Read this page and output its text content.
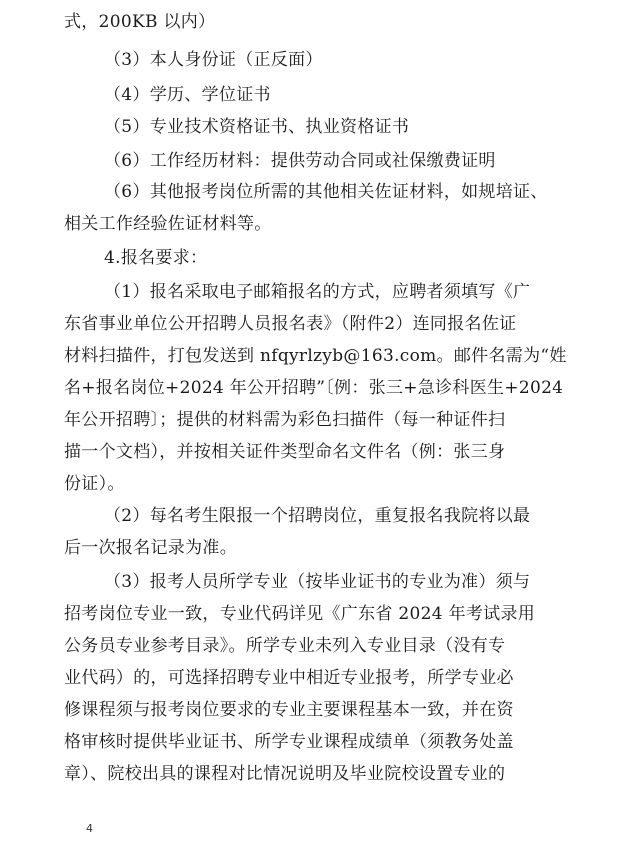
式，200KB 以内）
（3）本人身份证（正反面）
（4）学历、学位证书
（5）专业技术资格证书、执业资格证书
（6）工作经历材料：提供劳动合同或社保缴费证明
（6）其他报考岗位所需的其他相关佐证材料，如规培证、
相关工作经验佐证材料等。
4.报名要求：
（1）报名采取电子邮箱报名的方式，应聘者须填写《广
东省事业单位公开招聘人员报名表》（附件2）连同报名佐证
材料扫描件，打包发送到 nfqyrlzyb@163.com。邮件名需为“姓
名+报名岗位+2024 年公开招聘”〔例：张三+急诊科医生+2024
年公开招聘〕；提供的材料需为彩色扫描件（每一种证件扫
描一个文档），并按相关证件类型命名文件名（例：张三身
份证）。
（2）每名考生限报一个招聘岗位，重复报名我院将以最
后一次报名记录为准。
（3）报考人员所学专业（按毕业证书的专业为准）须与
招考岗位专业一致，专业代码详见《广东省 2024 年考试录用
公务员专业参考目录》。所学专业未列入专业目录（没有专
业代码）的，可选择招聘专业中相近专业报考，所学专业必
修课程须与报考岗位要求的专业主要课程基本一致，并在资
格审核时提供毕业证书、所学专业课程成绩单（须教务处盖
章）、院校出具的课程对比情况说明及毕业院校设置专业的
4
